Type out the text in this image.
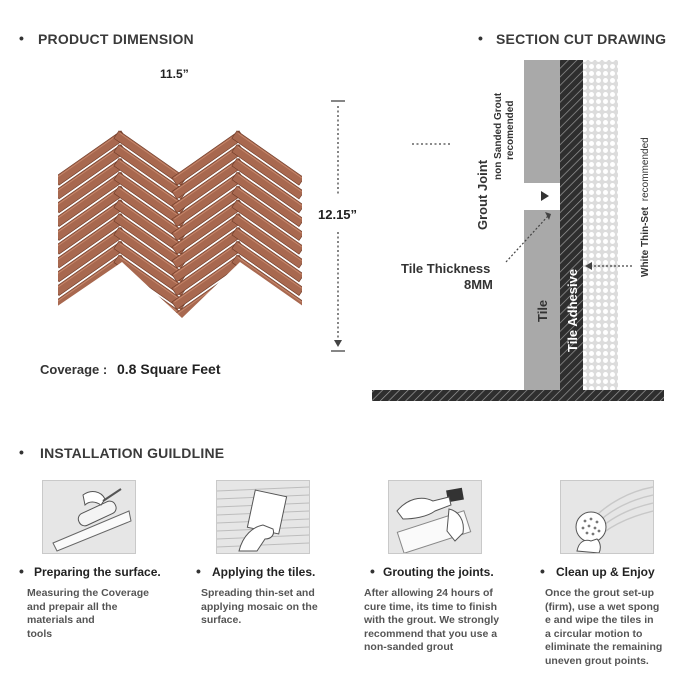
• PRODUCT DIMENSION
Grout Joint
non Sanded Grout recomended
Tile Tile Adhesive
White Thin-Set recommended
11.5”
12.15”
Coverage : 0.8 Square Feet
• SECTION CUT DRAWING
Tile Thickness
8MM
• INSTALLATION GUILDLINE
• Preparing the surface.
Measuring the Coverage
and prepair all the
materials and
tools
• Applying the tiles.
Spreading thin-set and
applying mosaic on the
surface.
• Grouting the joints.
After allowing 24 hours of
cure time, its time to finish
with the grout. We strongly
recommend that you use a
non-sanded grout
• Clean up & Enjoy
Once the grout set-up
(firm), use a wet spong
e and wipe the tiles in
a circular motion to
eliminate the remaining
uneven grout points.
